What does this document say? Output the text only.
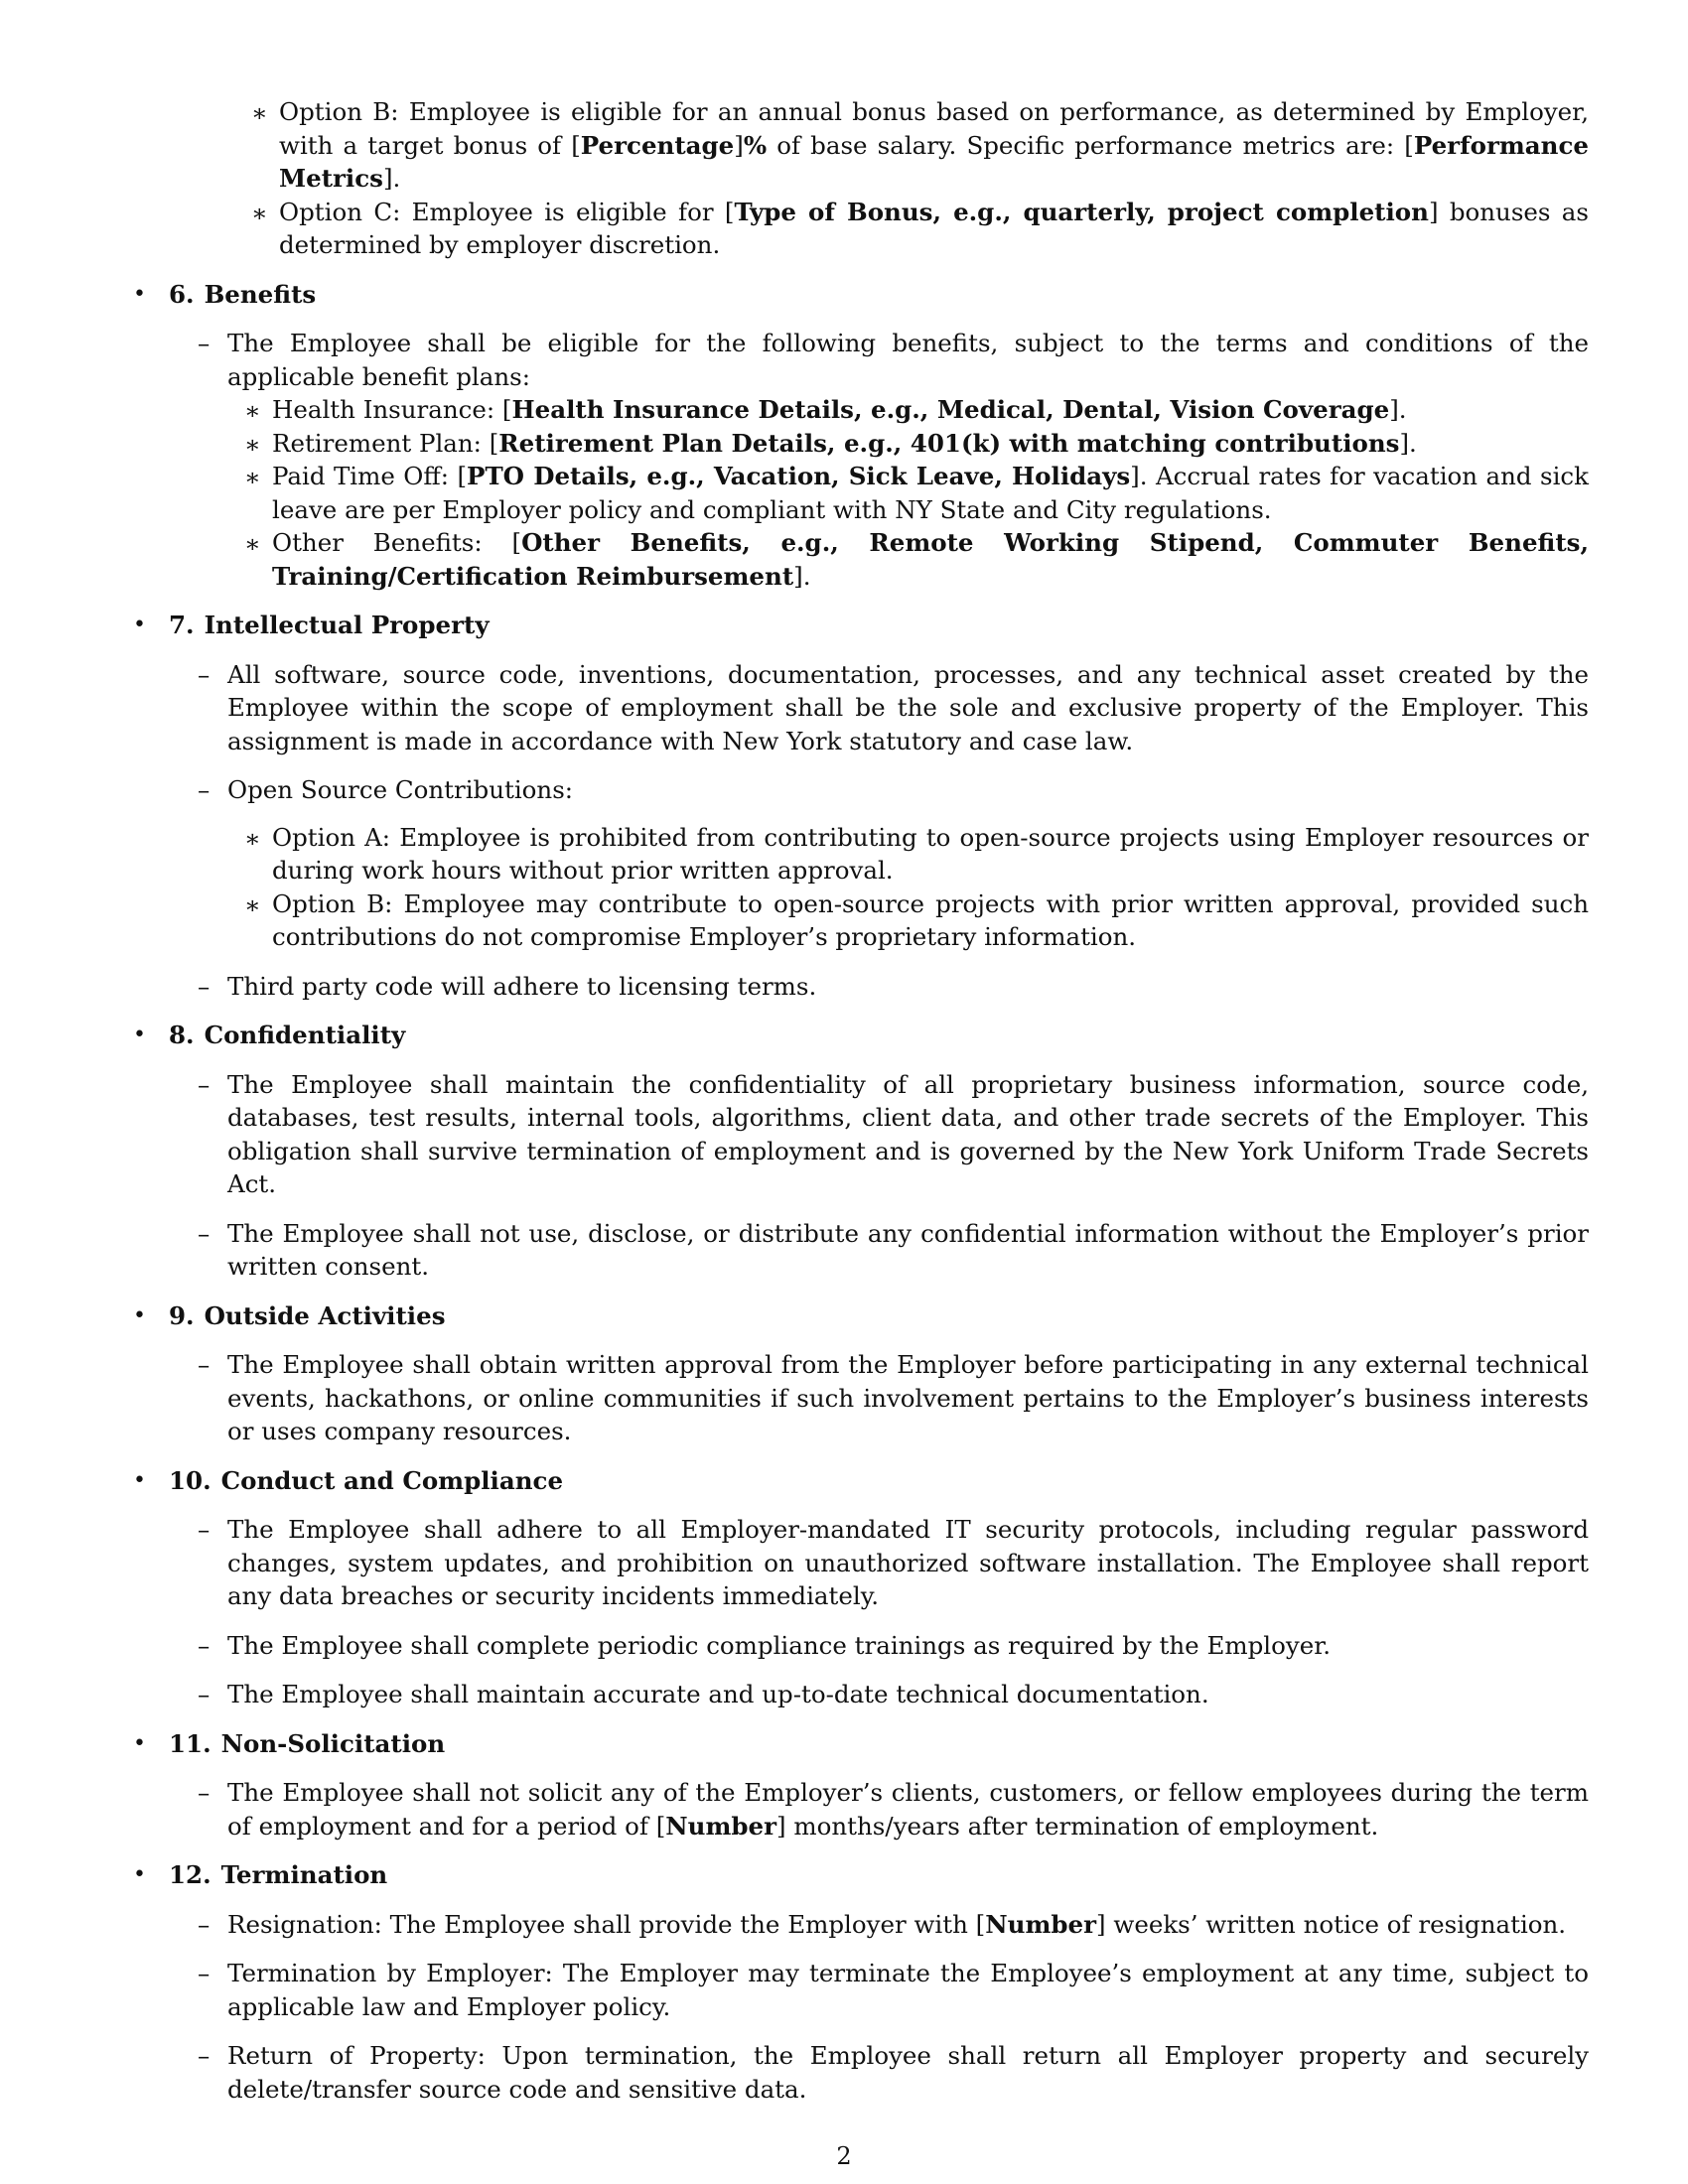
∗ Option B: Employee is eligible for an annual bonus based on performance, as determined by Employer, with a target bonus of [Percentage]% of base salary. Specific performance metrics are: [Performance Metrics].
∗ Option C: Employee is eligible for [Type of Bonus, e.g., quarterly, project completion] bonuses as determined by employer discretion.
• 6. Benefits
– The Employee shall be eligible for the following benefits, subject to the terms and conditions of the applicable benefit plans:
∗ Health Insurance: [Health Insurance Details, e.g., Medical, Dental, Vision Coverage].
∗ Retirement Plan: [Retirement Plan Details, e.g., 401(k) with matching contributions].
∗ Paid Time Off: [PTO Details, e.g., Vacation, Sick Leave, Holidays]. Accrual rates for vacation and sick leave are per Employer policy and compliant with NY State and City regulations.
∗ Other Benefits: [Other Benefits, e.g., Remote Working Stipend, Commuter Benefits, Training/Certification Reimbursement].
• 7. Intellectual Property
– All software, source code, inventions, documentation, processes, and any technical asset created by the Employee within the scope of employment shall be the sole and exclusive property of the Employer. This assignment is made in accordance with New York statutory and case law.
– Open Source Contributions:
∗ Option A: Employee is prohibited from contributing to open-source projects using Employer resources or during work hours without prior written approval.
∗ Option B: Employee may contribute to open-source projects with prior written approval, provided such contributions do not compromise Employer’s proprietary information.
– Third party code will adhere to licensing terms.
• 8. Confidentiality
– The Employee shall maintain the confidentiality of all proprietary business information, source code, databases, test results, internal tools, algorithms, client data, and other trade secrets of the Employer. This obligation shall survive termination of employment and is governed by the New York Uniform Trade Secrets Act.
– The Employee shall not use, disclose, or distribute any confidential information without the Employer’s prior written consent.
• 9. Outside Activities
– The Employee shall obtain written approval from the Employer before participating in any external technical events, hackathons, or online communities if such involvement pertains to the Employer’s business interests or uses company resources.
• 10. Conduct and Compliance
– The Employee shall adhere to all Employer-mandated IT security protocols, including regular password changes, system updates, and prohibition on unauthorized software installation. The Employee shall report any data breaches or security incidents immediately.
– The Employee shall complete periodic compliance trainings as required by the Employer.
– The Employee shall maintain accurate and up-to-date technical documentation.
• 11. Non-Solicitation
– The Employee shall not solicit any of the Employer’s clients, customers, or fellow employees during the term of employment and for a period of [Number] months/years after termination of employment.
• 12. Termination
– Resignation: The Employee shall provide the Employer with [Number] weeks’ written notice of resignation.
– Termination by Employer: The Employer may terminate the Employee’s employment at any time, subject to applicable law and Employer policy.
– Return of Property: Upon termination, the Employee shall return all Employer property and securely delete/transfer source code and sensitive data.
2
